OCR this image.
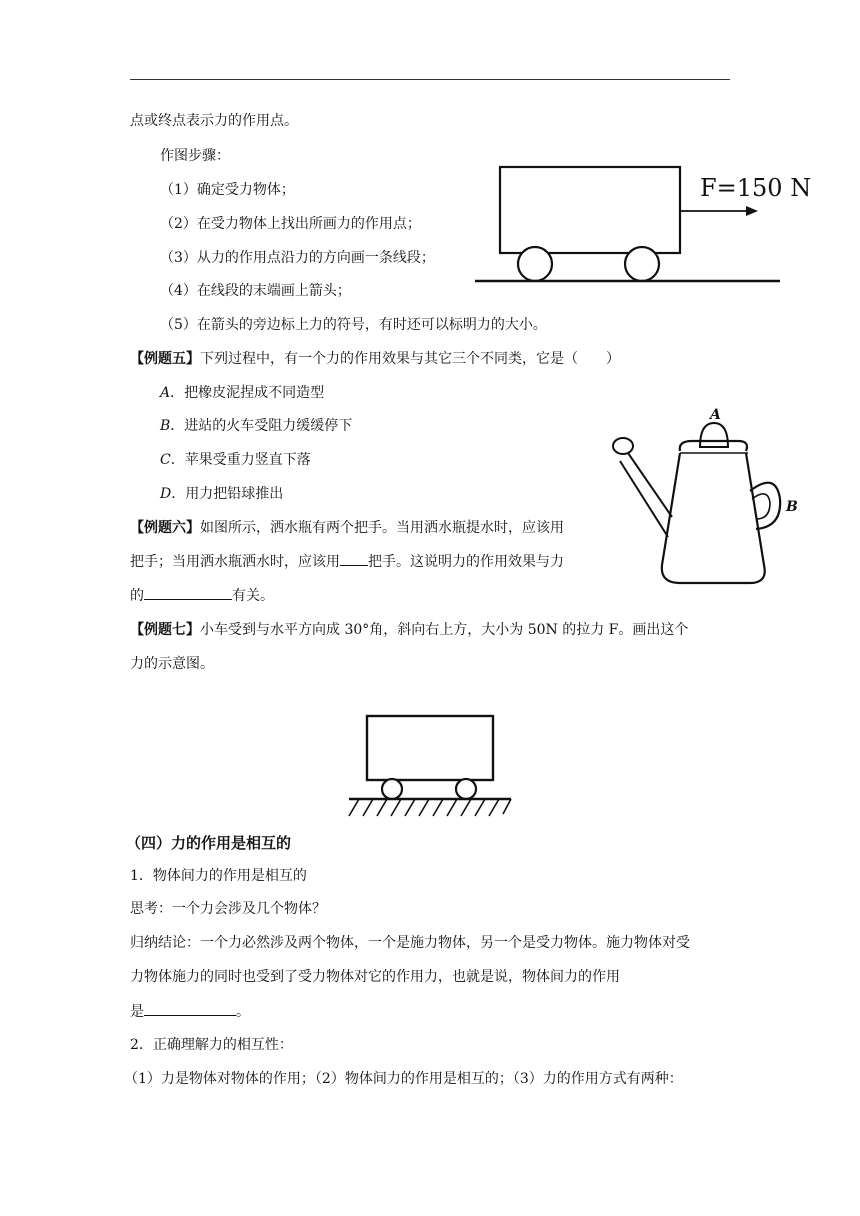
点或终点表示力的作用点。
作图步骤：
（1）确定受力物体；
（2）在受力物体上找出所画力的作用点；
（3）从力的作用点沿力的方向画一条线段；
（4）在线段的末端画上箭头；
（5）在箭头的旁边标上力的符号，有时还可以标明力的大小。
F=150 N
【例题五】下列过程中，有一个力的作用效果与其它三个不同类，它是（　　）
A．把橡皮泥捏成不同造型
B．进站的火车受阻力缓缓停下
C．苹果受重力竖直下落
D．用力把铅球推出
【例题六】如图所示，洒水瓶有两个把手。当用洒水瓶提水时，应该用
把手；当用洒水瓶洒水时，应该用 把手。这说明力的作用效果与力
的	有关。
A
B
【例题七】小车受到与水平方向成 30°角，斜向右上方，大小为 50N 的拉力 F。画出这个
力的示意图。
（四）力的作用是相互的
1．物体间力的作用是相互的
思考：一个力会涉及几个物体？
归纳结论：一个力必然涉及两个物体，一个是施力物体，另一个是受力物体。施力物体对受
力物体施力的同时也受到了受力物体对它的作用力，也就是说，物体间力的作用
是	。
2．正确理解力的相互性：
（1）力是物体对物体的作用；（2）物体间力的作用是相互的；（3）力的作用方式有两种：
